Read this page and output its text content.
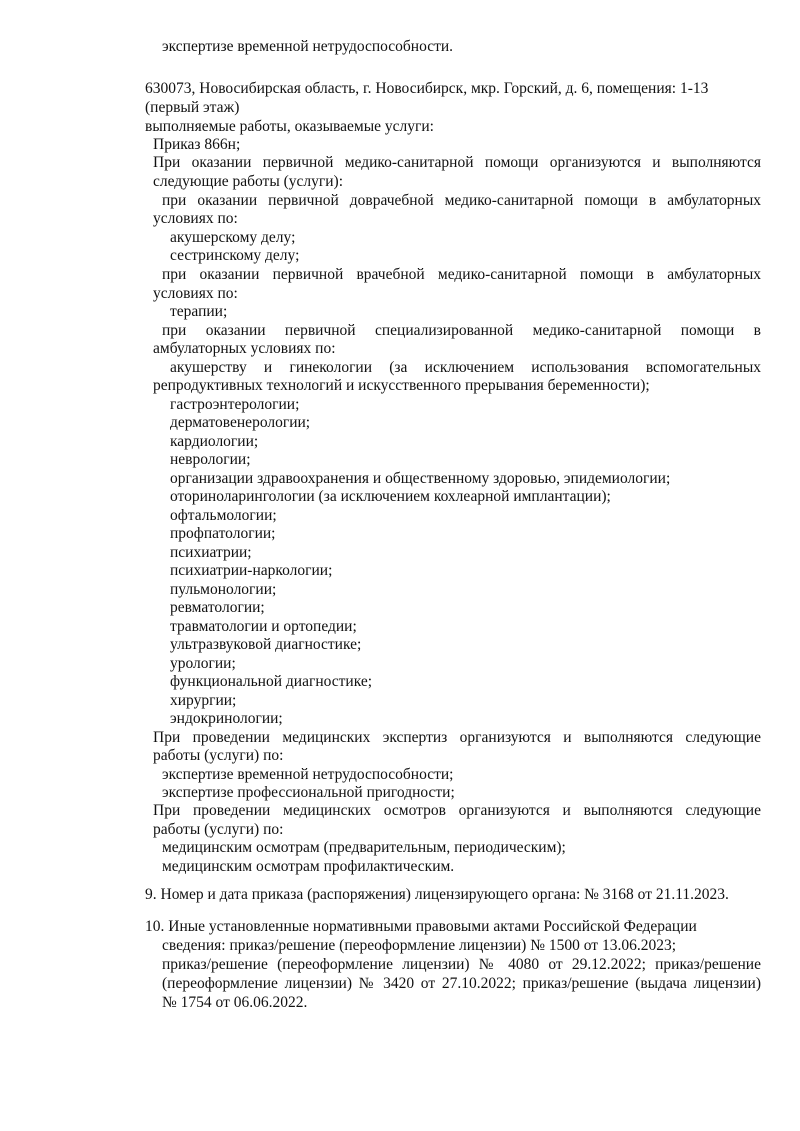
экспертизе временной нетрудоспособности.
630073, Новосибирская область, г. Новосибирск, мкр. Горский, д. 6, помещения: 1-13
(первый этаж)
выполняемые работы, оказываемые услуги:
Приказ 866н;
При оказании первичной медико-санитарной помощи организуются и выполняются
следующие работы (услуги):
при оказании первичной доврачебной медико-санитарной помощи в амбулаторных
условиях по:
акушерскому делу;
сестринскому делу;
при оказании первичной врачебной медико-санитарной помощи в амбулаторных
условиях по:
терапии;
при оказании первичной специализированной медико-санитарной помощи в
амбулаторных условиях по:
акушерству и гинекологии (за исключением использования вспомогательных
репродуктивных технологий и искусственного прерывания беременности);
гастроэнтерологии;
дерматовенерологии;
кардиологии;
неврологии;
организации здравоохранения и общественному здоровью, эпидемиологии;
оториноларингологии (за исключением кохлеарной имплантации);
офтальмологии;
профпатологии;
психиатрии;
психиатрии-наркологии;
пульмонологии;
ревматологии;
травматологии и ортопедии;
ультразвуковой диагностике;
урологии;
функциональной диагностике;
хирургии;
эндокринологии;
При проведении медицинских экспертиз организуются и выполняются следующие
работы (услуги) по:
экспертизе временной нетрудоспособности;
экспертизе профессиональной пригодности;
При проведении медицинских осмотров организуются и выполняются следующие
работы (услуги) по:
медицинским осмотрам (предварительным, периодическим);
медицинским осмотрам профилактическим.
9. Номер и дата приказа (распоряжения) лицензирующего органа: № 3168 от 21.11.2023.
10. Иные установленные нормативными правовыми актами Российской Федерации
сведения: приказ/решение (переоформление лицензии) № 1500 от 13.06.2023;
приказ/решение (переоформление лицензии) № 4080 от 29.12.2022; приказ/решение
(переоформление лицензии) № 3420 от 27.10.2022; приказ/решение (выдача лицензии)
№ 1754 от 06.06.2022.
